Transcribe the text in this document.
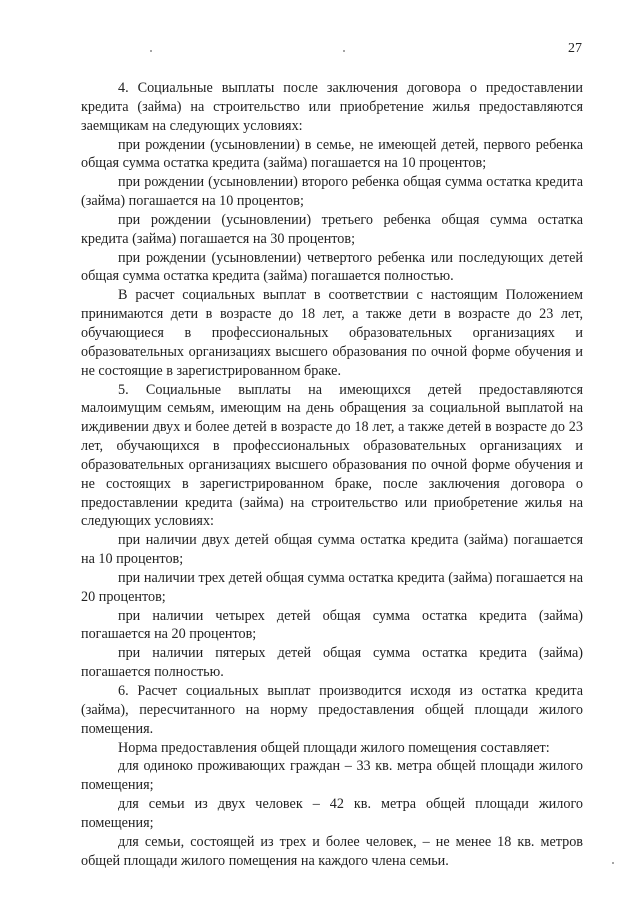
27

4. Социальные выплаты после заключения договора о предоставлении кредита (займа) на строительство или приобретение жилья предоставляются заемщикам на следующих условиях:

при рождении (усыновлении) в семье, не имеющей детей, первого ребенка общая сумма остатка кредита (займа) погашается на 10 процентов;

при рождении (усыновлении) второго ребенка общая сумма остатка кредита (займа) погашается на 10 процентов;

при рождении (усыновлении) третьего ребенка общая сумма остатка кредита (займа) погашается на 30 процентов;

при рождении (усыновлении) четвертого ребенка или последующих детей общая сумма остатка кредита (займа) погашается полностью.

В расчет социальных выплат в соответствии с настоящим Положением принимаются дети в возрасте до 18 лет, а также дети в возрасте до 23 лет, обучающиеся в профессиональных образовательных организациях и образовательных организациях высшего образования по очной форме обучения и не состоящие в зарегистрированном браке.

5. Социальные выплаты на имеющихся детей предоставляются малоимущим семьям, имеющим на день обращения за социальной выплатой на иждивении двух и более детей в возрасте до 18 лет, а также детей в возрасте до 23 лет, обучающихся в профессиональных образовательных организациях и образовательных организациях высшего образования по очной форме обучения и не состоящих в зарегистрированном браке, после заключения договора о предоставлении кредита (займа) на строительство или приобретение жилья на следующих условиях:

при наличии двух детей общая сумма остатка кредита (займа) погашается на 10 процентов;

при наличии трех детей общая сумма остатка кредита (займа) погашается на 20 процентов;

при наличии четырех детей общая сумма остатка кредита (займа) погашается на 20 процентов;

при наличии пятерых детей общая сумма остатка кредита (займа) погашается полностью.

6. Расчет социальных выплат производится исходя из остатка кредита (займа), пересчитанного на норму предоставления общей площади жилого помещения.

Норма предоставления общей площади жилого помещения составляет:

для одиноко проживающих граждан – 33 кв. метра общей площади жилого помещения;

для семьи из двух человек – 42 кв. метра общей площади жилого помещения;

для семьи, состоящей из трех и более человек, – не менее 18 кв. метров общей площади жилого помещения на каждого члена семьи.
